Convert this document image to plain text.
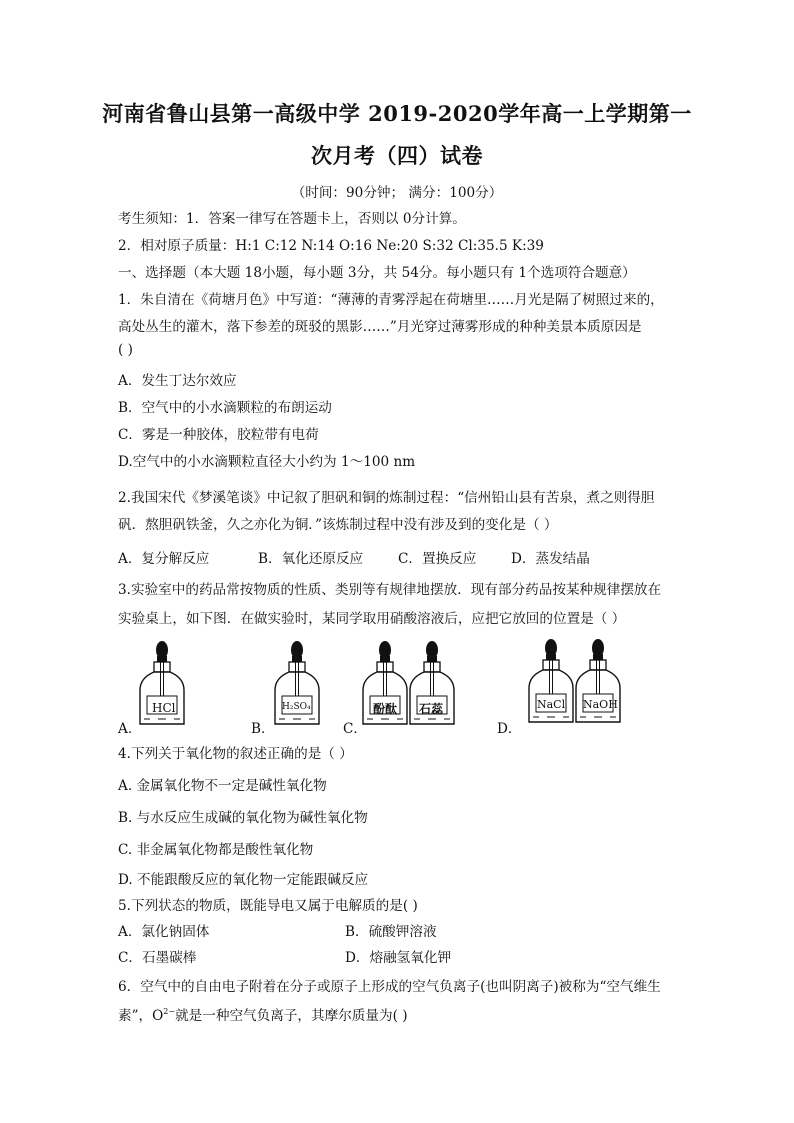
河南省鲁山县第一高级中学 2019-2020学年高一上学期第一
次月考（四）试卷
（时间：90分钟； 满分：100分）
考生须知：1．答案一律写在答题卡上，否则以 0分计算。
2．相对原子质量：H:1 C:12 N:14 O:16 Ne:20 S:32 Cl:35.5 K:39
一、选择题（本大题 18小题，每小题 3分，共 54分。每小题只有 1个选项符合题意）
1．朱自清在《荷塘月色》中写道：“薄薄的青雾浮起在荷塘里……月光是隔了树照过来的，
高处丛生的灌木，落下参差的斑驳的黑影……”月光穿过薄雾形成的种种美景本质原因是
( )
A．发生丁达尔效应
B．空气中的小水滴颗粒的布朗运动
C．雾是一种胶体，胶粒带有电荷
D.空气中的小水滴颗粒直径大小约为 1～100 nm
2.我国宋代《梦溪笔谈》中记叙了胆矾和铜的炼制过程：“信州铅山县有苦泉，煮之则得胆
矾．熬胆矾铁釜，久之亦化为铜．”该炼制过程中没有涉及到的变化是（ ）
A．复分解反应	B．氧化还原反应	C．置换反应	D．蒸发结晶
3.实验室中的药品常按物质的性质、类别等有规律地摆放．现有部分药品按某种规律摆放在
实验桌上，如下图．在做实验时，某同学取用硝酸溶液后，应把它放回的位置是（ ）
HCl	H₂SO₄	酚酞 石蕊	NaCl NaOH
A．	B．	C．	D．
4.下列关于氧化物的叙述正确的是（ ）
A. 金属氧化物不一定是碱性氧化物
B. 与水反应生成碱的氧化物为碱性氧化物
C. 非金属氧化物都是酸性氧化物
D. 不能跟酸反应的氧化物一定能跟碱反应
5.下列状态的物质，既能导电又属于电解质的是( )
A．氯化钠固体	B．硫酸钾溶液
C．石墨碳棒	D．熔融氢氧化钾
6．空气中的自由电子附着在分子或原子上形成的空气负离子(也叫阴离子)被称为“空气维生
素”，$O^{2-}$就是一种空气负离子，其摩尔质量为( )
